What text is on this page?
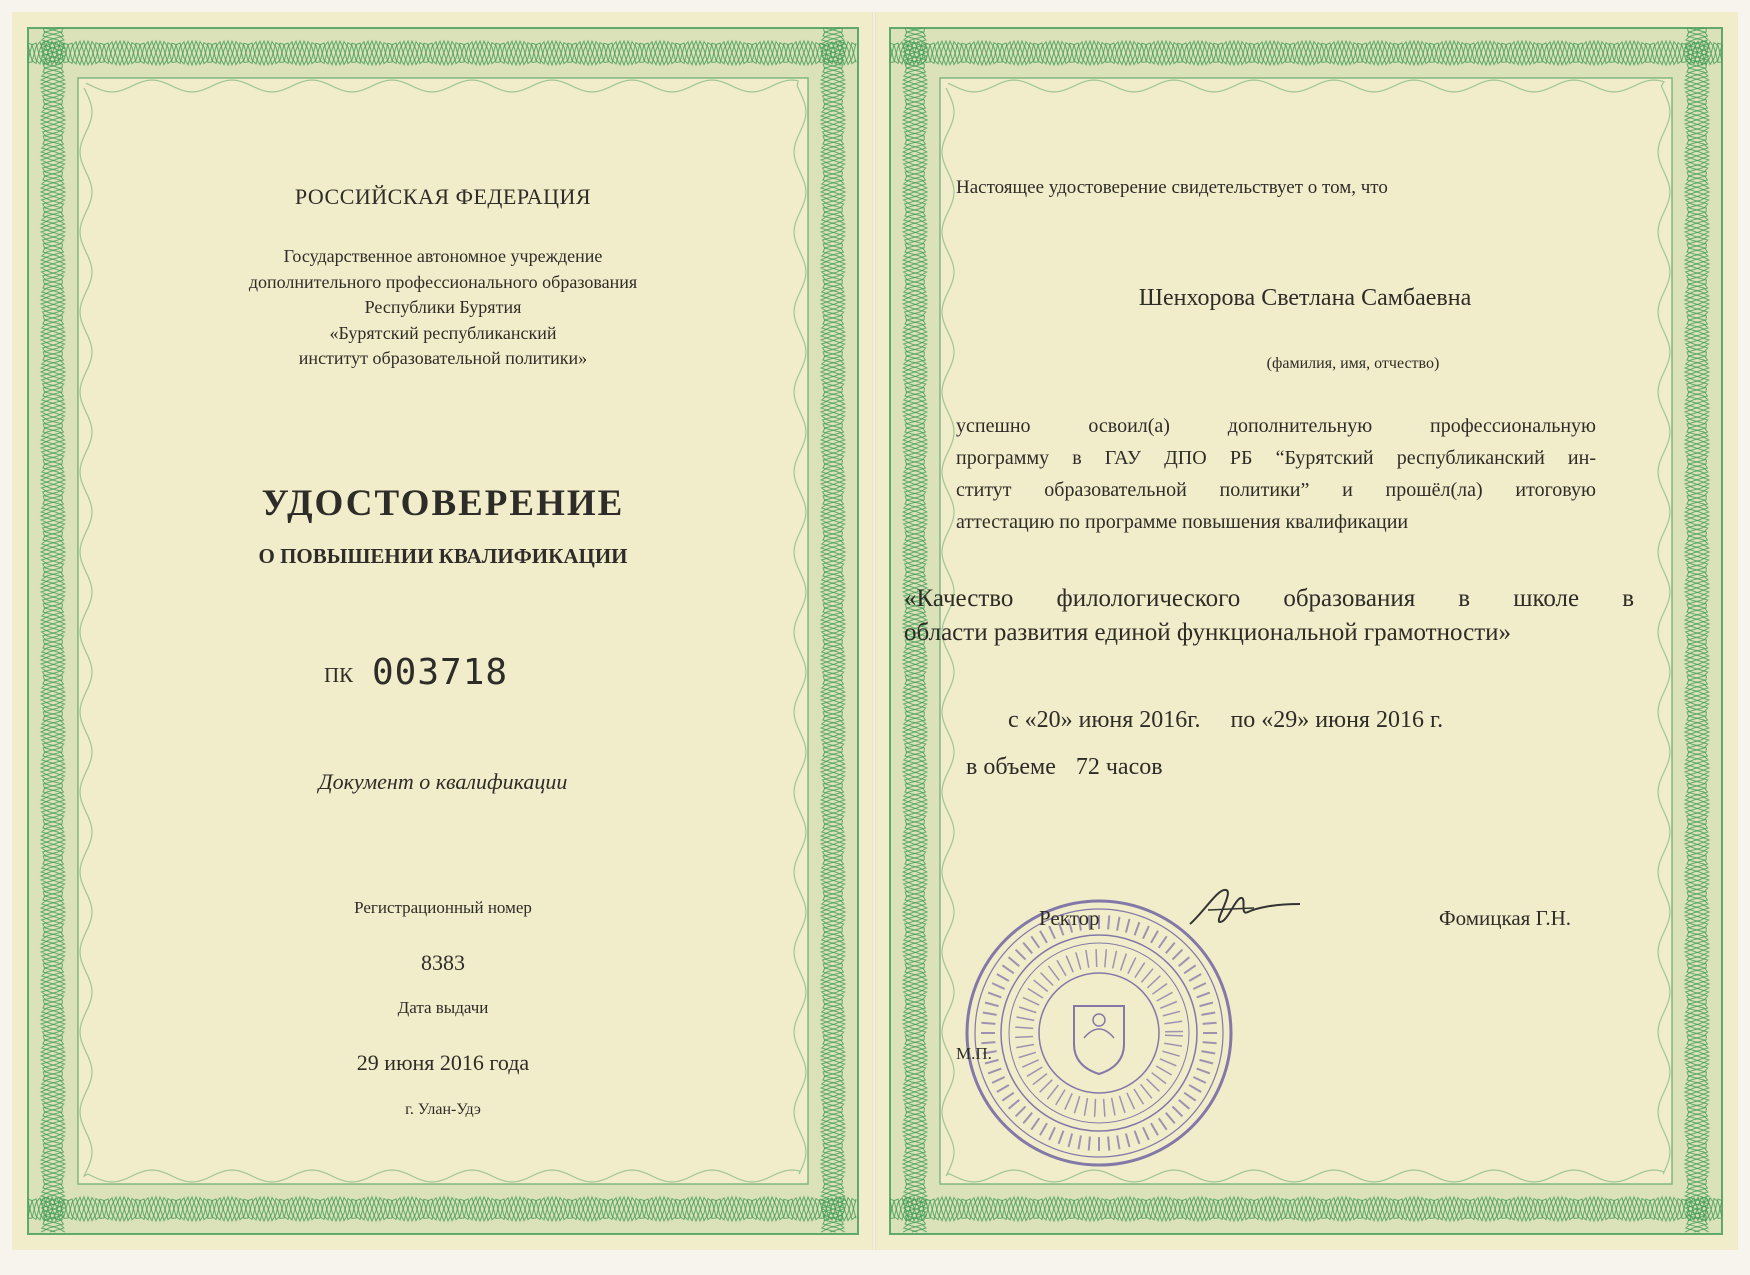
РОССИЙСКАЯ ФЕДЕРАЦИЯ
Государственное автономное учреждение
дополнительного профессионального образования
Республики Бурятия
«Бурятский республиканский
институт образовательной политики»
УДОСТОВЕРЕНИЕ
О ПОВЫШЕНИИ КВАЛИФИКАЦИИ
ПК 003718
Документ о квалификации
Регистрационный номер
8383
Дата выдачи
29 июня 2016 года
г. Улан-Удэ
Настоящее удостоверение свидетельствует о том, что
Шенхорова Светлана Самбаевна
(фамилия, имя, отчество)
успешно освоил(а) дополнительную профессиональную
программу в ГАУ ДПО РБ “Бурятский республиканский ин-
ститут образовательной политики” и прошёл(ла) итоговую
аттестацию по программе повышения квалификации
«Качество филологического образования в школе в
области развития единой функциональной грамотности»
с «20» июня 2016г. по «29» июня 2016 г.
в объеме 72 часов
Ректор	Фомицкая Г.Н.
М.П.
